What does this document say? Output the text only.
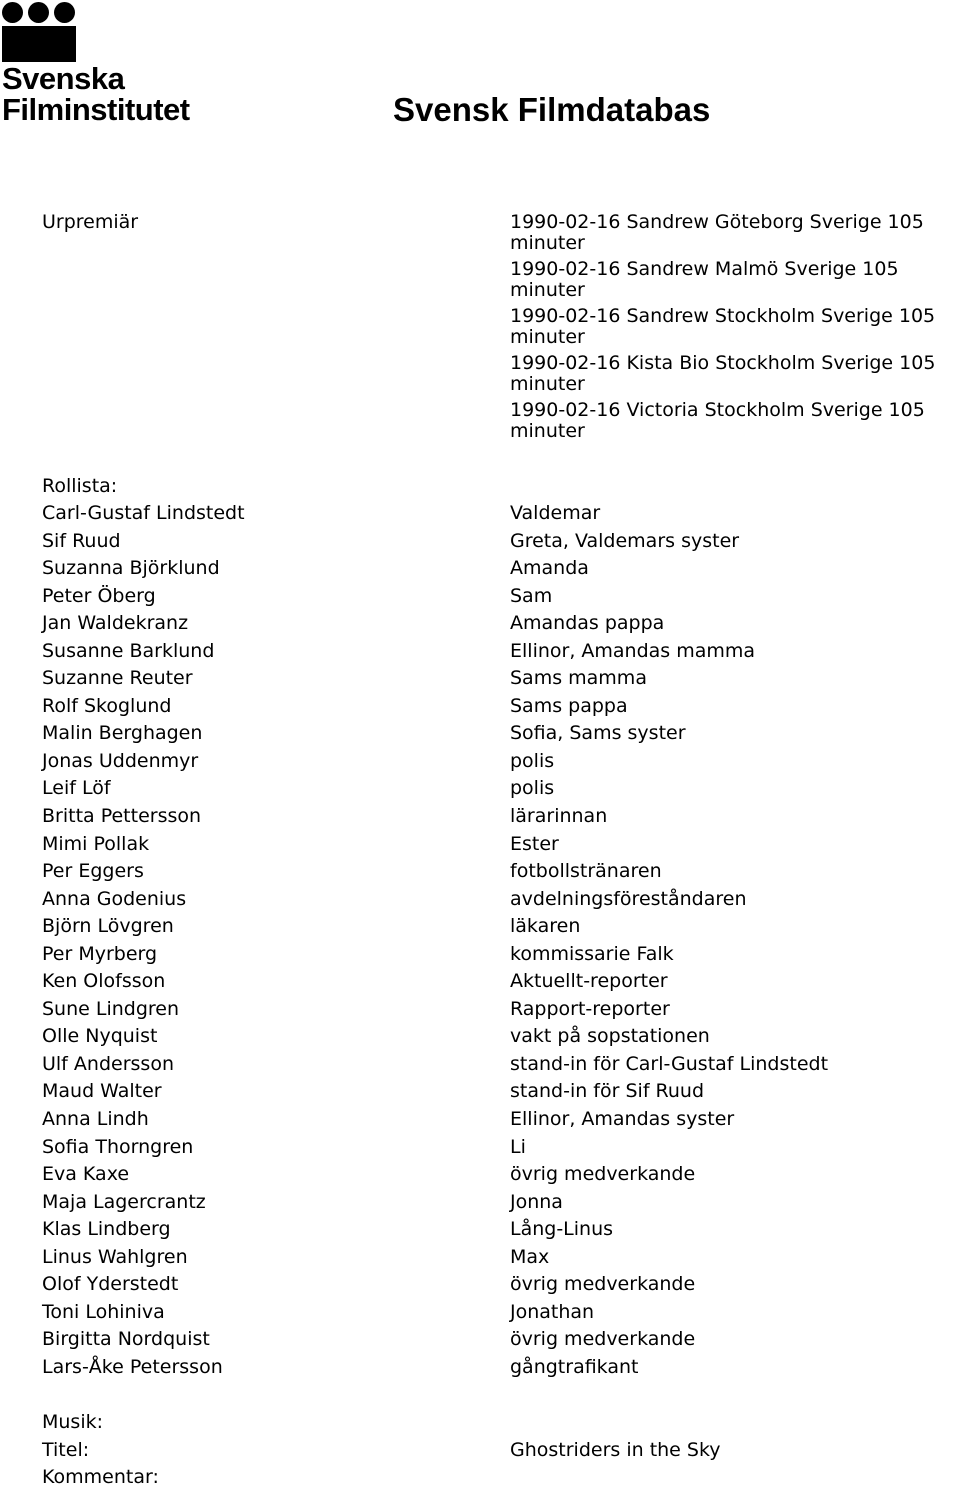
Svenska
Filminstitutet	Svensk Filmdatabas
Urpremiär	1990-02-16 Sandrew Göteborg Sverige 105 minuter
1990-02-16 Sandrew Malmö Sverige 105 minuter
1990-02-16 Sandrew Stockholm Sverige 105 minuter
1990-02-16 Kista Bio Stockholm Sverige 105 minuter
1990-02-16 Victoria Stockholm Sverige 105 minuter
Rollista:
Carl-Gustaf Lindstedt	Valdemar
Sif Ruud	Greta, Valdemars syster
Suzanna Björklund	Amanda
Peter Öberg	Sam
Jan Waldekranz	Amandas pappa
Susanne Barklund	Ellinor, Amandas mamma
Suzanne Reuter	Sams mamma
Rolf Skoglund	Sams pappa
Malin Berghagen	Sofia, Sams syster
Jonas Uddenmyr	polis
Leif Löf	polis
Britta Pettersson	lärarinnan
Mimi Pollak	Ester
Per Eggers	fotbollstränaren
Anna Godenius	avdelningsföreståndaren
Björn Lövgren	läkaren
Per Myrberg	kommissarie Falk
Ken Olofsson	Aktuellt-reporter
Sune Lindgren	Rapport-reporter
Olle Nyquist	vakt på sopstationen
Ulf Andersson	stand-in för Carl-Gustaf Lindstedt
Maud Walter	stand-in för Sif Ruud
Anna Lindh	Ellinor, Amandas syster
Sofia Thorngren	Li
Eva Kaxe	övrig medverkande
Maja Lagercrantz	Jonna
Klas Lindberg	Lång-Linus
Linus Wahlgren	Max
Olof Yderstedt	övrig medverkande
Toni Lohiniva	Jonathan
Birgitta Nordquist	övrig medverkande
Lars-Åke Petersson	gångtrafikant
Musik:
Titel:	Ghostriders in the Sky
Kommentar:
